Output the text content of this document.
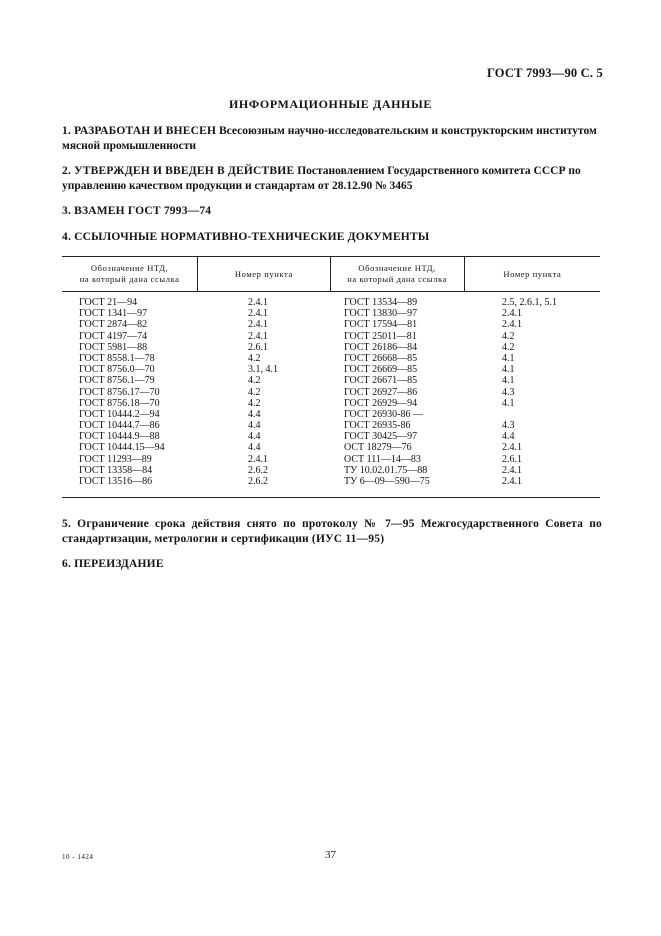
ГОСТ 7993—90 С. 5
ИНФОРМАЦИОННЫЕ ДАННЫЕ
1. РАЗРАБОТАН И ВНЕСЕН Всесоюзным научно-исследовательским и конструкторским институтом мясной промышленности
2. УТВЕРЖДЕН И ВВЕДЕН В ДЕЙСТВИЕ Постановлением Государственного комитета СССР по управлению качеством продукции и стандартам от 28.12.90 № 3465
3. ВЗАМЕН ГОСТ 7993—74
4. ССЫЛОЧНЫЕ НОРМАТИВНО-ТЕХНИЧЕСКИЕ ДОКУМЕНТЫ
Обозначение НТД,
на который дана ссылка
Номер пункта
Обозначение НТД,
на который дана ссылка
Номер пункта
ГОСТ 21—94
ГОСТ 1341—97
ГОСТ 2874—82
ГОСТ 4197—74
ГОСТ 5981—88
ГОСТ 8558.1—78
ГОСТ 8756.0—70
ГОСТ 8756.1—79
ГОСТ 8756.17—70
ГОСТ 8756.18—70
ГОСТ 10444.2—94
ГОСТ 10444.7—86
ГОСТ 10444.9—88
ГОСТ 10444.15—94
ГОСТ 11293—89
ГОСТ 13358—84
ГОСТ 13516—86
2.4.1
2.4.1
2.4.1
2.4.1
2.6.1
4.2
3.1, 4.1
4.2
4.2
4.2
4.4
4.4
4.4
4.4
2.4.1
2.6.2
2.6.2
ГОСТ 13534—89
ГОСТ 13830—97
ГОСТ 17594—81
ГОСТ 25011—81
ГОСТ 26186—84
ГОСТ 26668—85
ГОСТ 26669—85
ГОСТ 26671—85
ГОСТ 26927—86
ГОСТ 26929—94
ГОСТ 26930-86 —
ГОСТ 26935-86
ГОСТ 30425—97
ОСТ 18279—76
ОСТ 111—14—83
ТУ 10.02.01.75—88
ТУ 6—09—590—75
2.5, 2.6.1, 5.1
2.4.1
2.4.1
4.2
4.2
4.1
4.1
4.1
4.3
4.1
4.3
4.4
2.4.1
2.6.1
2.4.1
2.4.1
5. Ограничение срока действия снято по протоколу № 7—95 Межгосударственного Совета по стандартизации, метрологии и сертификации (ИУС 11—95)
6. ПЕРЕИЗДАНИЕ
10 - 1424	37
